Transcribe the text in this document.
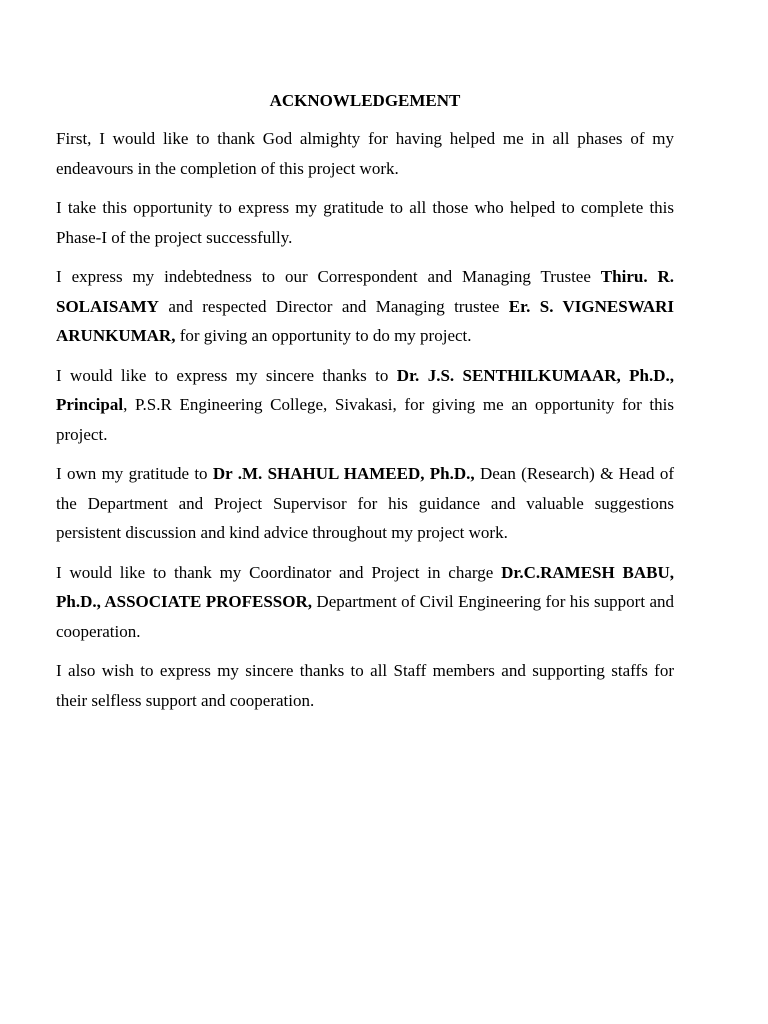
ACKNOWLEDGEMENT

First, I would like to thank God almighty for having helped me in all phases of my endeavours in the completion of this project work.

I take this opportunity to express my gratitude to all those who helped to complete this Phase-I of the project successfully.

I express my indebtedness to our Correspondent and Managing Trustee Thiru. R. SOLAISAMY and respected Director and Managing trustee Er. S. VIGNESWARI ARUNKUMAR, for giving an opportunity to do my project.

I would like to express my sincere thanks to Dr. J.S. SENTHILKUMAAR, Ph.D., Principal, P.S.R Engineering College, Sivakasi, for giving me an opportunity for this project.

I own my gratitude to Dr .M. SHAHUL HAMEED, Ph.D., Dean (Research) & Head of the Department and Project Supervisor for his guidance and valuable suggestions persistent discussion and kind advice throughout my project work.

I would like to thank my Coordinator and Project in charge Dr.C.RAMESH BABU, Ph.D., ASSOCIATE PROFESSOR, Department of Civil Engineering for his support and cooperation.

I also wish to express my sincere thanks to all Staff members and supporting staffs for their selfless support and cooperation.
